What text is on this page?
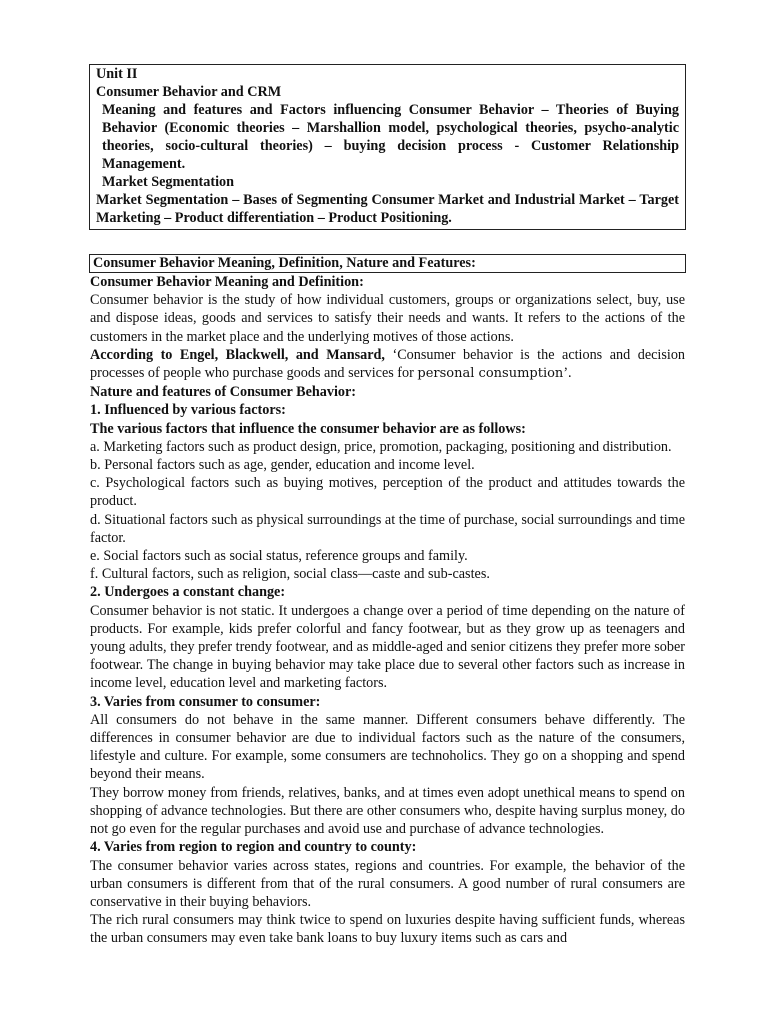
Unit II
Consumer Behavior and CRM
Meaning and features and Factors influencing Consumer Behavior – Theories of Buying Behavior (Economic theories – Marshallion model, psychological theories, psycho-analytic theories, socio-cultural theories) – buying decision process - Customer Relationship Management.
Market Segmentation
Market Segmentation – Bases of Segmenting Consumer Market and Industrial Market – Target Marketing – Product differentiation – Product Positioning.
Consumer Behavior Meaning, Definition, Nature and Features:

Consumer Behavior Meaning and Definition:

Consumer behavior is the study of how individual customers, groups or organizations select, buy, use and dispose ideas, goods and services to satisfy their needs and wants. It refers to the actions of the customers in the market place and the underlying motives of those actions.

According to Engel, Blackwell, and Mansard, ‘Consumer behavior is the actions and decision processes of people who purchase goods and services for personal consumption’.

Nature and features of Consumer Behavior:

1. Influenced by various factors:

The various factors that influence the consumer behavior are as follows:

a. Marketing factors such as product design, price, promotion, packaging, positioning and distribution.

b. Personal factors such as age, gender, education and income level.

c. Psychological factors such as buying motives, perception of the product and attitudes towards the product.

d. Situational factors such as physical surroundings at the time of purchase, social surroundings and time factor.

e. Social factors such as social status, reference groups and family.

f. Cultural factors, such as religion, social class—caste and sub-castes.

2. Undergoes a constant change:

Consumer behavior is not static. It undergoes a change over a period of time depending on the nature of products. For example, kids prefer colorful and fancy footwear, but as they grow up as teenagers and young adults, they prefer trendy footwear, and as middle-aged and senior citizens they prefer more sober footwear. The change in buying behavior may take place due to several other factors such as increase in income level, education level and marketing factors.

3. Varies from consumer to consumer:

All consumers do not behave in the same manner. Different consumers behave differently. The differences in consumer behavior are due to individual factors such as the nature of the consumers, lifestyle and culture. For example, some consumers are technoholics. They go on a shopping and spend beyond their means.

They borrow money from friends, relatives, banks, and at times even adopt unethical means to spend on shopping of advance technologies. But there are other consumers who, despite having surplus money, do not go even for the regular purchases and avoid use and purchase of advance technologies.

4. Varies from region to region and country to county:

The consumer behavior varies across states, regions and countries. For example, the behavior of the urban consumers is different from that of the rural consumers. A good number of rural consumers are conservative in their buying behaviors.

The rich rural consumers may think twice to spend on luxuries despite having sufficient funds, whereas the urban consumers may even take bank loans to buy luxury items such as cars and
